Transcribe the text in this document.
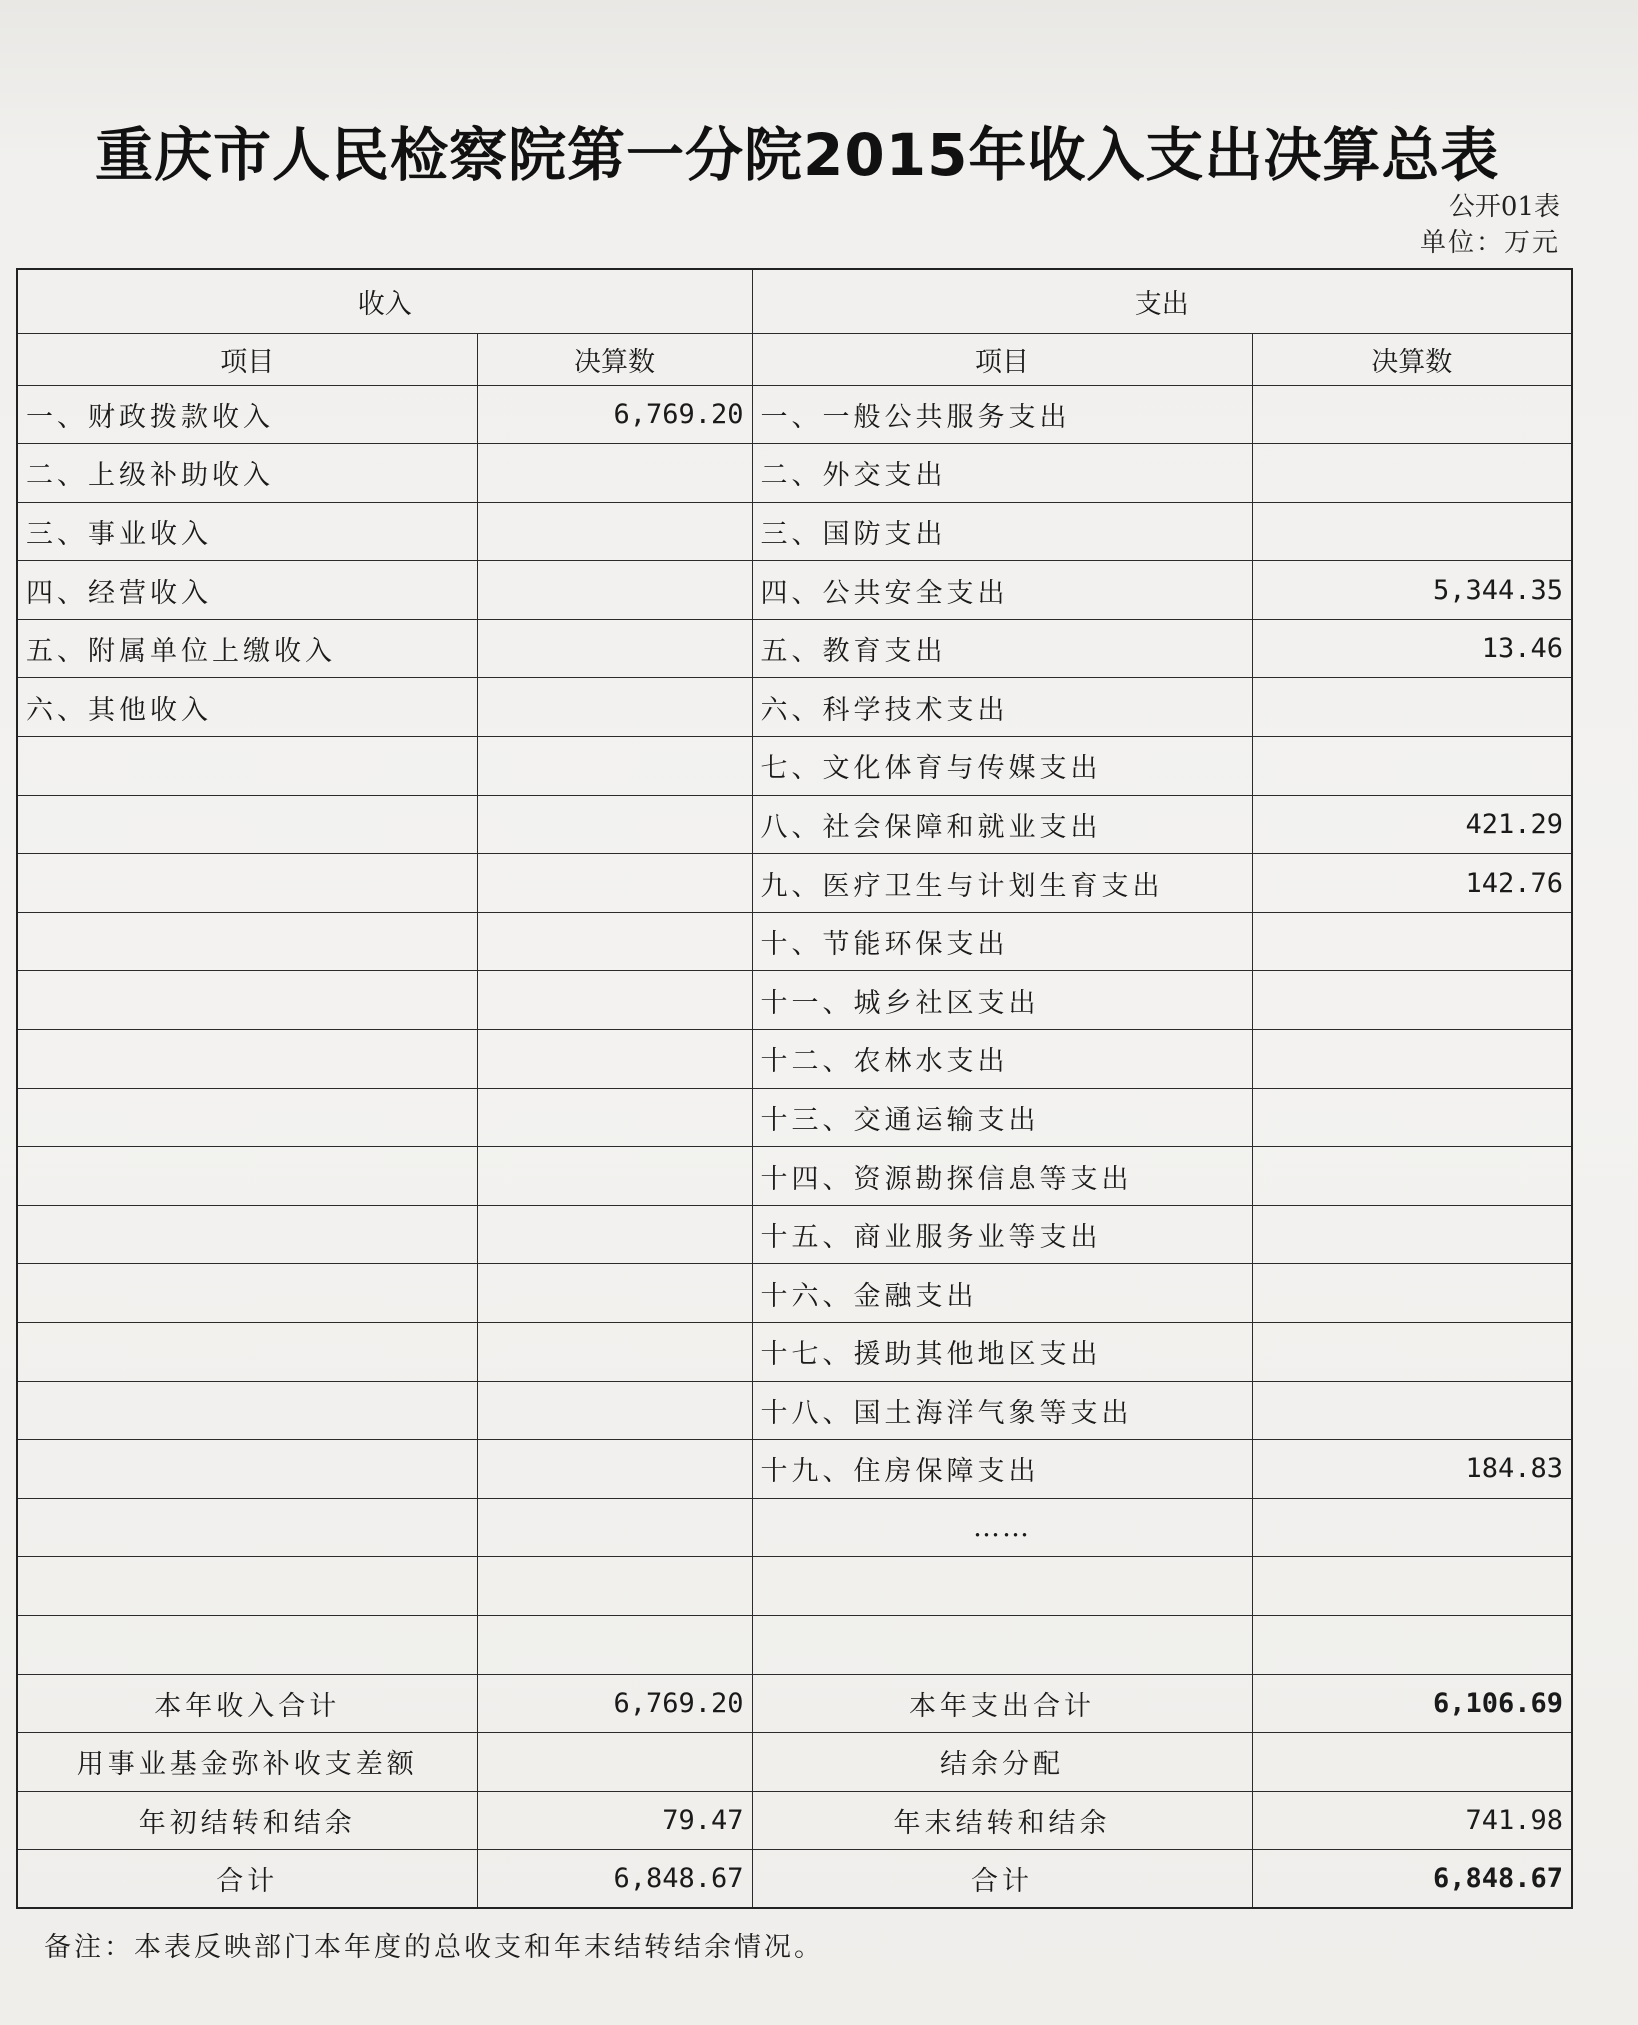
重庆市人民检察院第一分院2015年收入支出决算总表
公开01表
单位：万元
收入		支出	
项目	决算数	项目	决算数
一、财政拨款收入	6,769.20	一、一般公共服务支出	
二、上级补助收入		二、外交支出	
三、事业收入		三、国防支出	
四、经营收入		四、公共安全支出	5,344.35
五、附属单位上缴收入		五、教育支出	13.46
六、其他收入		六、科学技术支出	
		七、文化体育与传媒支出	
		八、社会保障和就业支出	421.29
		九、医疗卫生与计划生育支出	142.76
		十、节能环保支出	
		十一、城乡社区支出	
		十二、农林水支出	
		十三、交通运输支出	
		十四、资源勘探信息等支出	
		十五、商业服务业等支出	
		十六、金融支出	
		十七、援助其他地区支出	
		十八、国土海洋气象等支出	
		十九、住房保障支出	184.83
		……	

本年收入合计	6,769.20	本年支出合计	6,106.69
用事业基金弥补收支差额		结余分配	
年初结转和结余	79.47	年末结转和结余	741.98
合计	6,848.67	合计	6,848.67
备注：本表反映部门本年度的总收支和年末结转结余情况。
